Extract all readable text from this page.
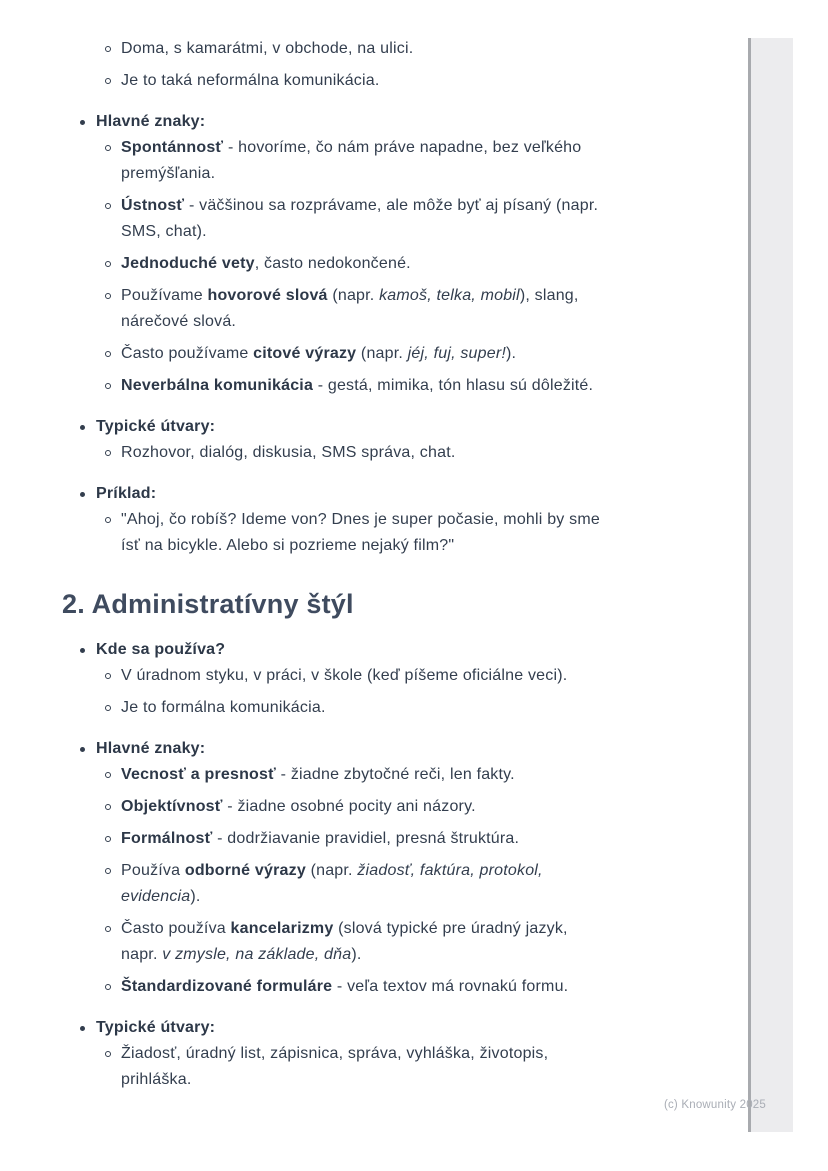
Doma, s kamarátmi, v obchode, na ulici.
Je to taká neformálna komunikácia.
Hlavné znaky:
Spontánnosť - hovoríme, čo nám práve napadne, bez veľkého
premýšľania.
Ústnosť - väčšinou sa rozprávame, ale môže byť aj písaný (napr.
SMS, chat).
Jednoduché vety, často nedokončené.
Používame hovorové slová (napr. kamoš, telka, mobil), slang,
nárečové slová.
Často používame citové výrazy (napr. jéj, fuj, super!).
Neverbálna komunikácia - gestá, mimika, tón hlasu sú dôležité.
Typické útvary:
Rozhovor, dialóg, diskusia, SMS správa, chat.
Príklad:
"Ahoj, čo robíš? Ideme von? Dnes je super počasie, mohli by sme
ísť na bicykle. Alebo si pozrieme nejaký film?"
2. Administratívny štýl
Kde sa používa?
V úradnom styku, v práci, v škole (keď píšeme oficiálne veci).
Je to formálna komunikácia.
Hlavné znaky:
Vecnosť a presnosť - žiadne zbytočné reči, len fakty.
Objektívnosť - žiadne osobné pocity ani názory.
Formálnosť - dodržiavanie pravidiel, presná štruktúra.
Používa odborné výrazy (napr. žiadosť, faktúra, protokol,
evidencia).
Často používa kancelarizmy (slová typické pre úradný jazyk,
napr. v zmysle, na základe, dňa).
Štandardizované formuláre - veľa textov má rovnakú formu.
Typické útvary:
Žiadosť, úradný list, zápisnica, správa, vyhláška, životopis,
prihláška.
(c) Knowunity 2025
